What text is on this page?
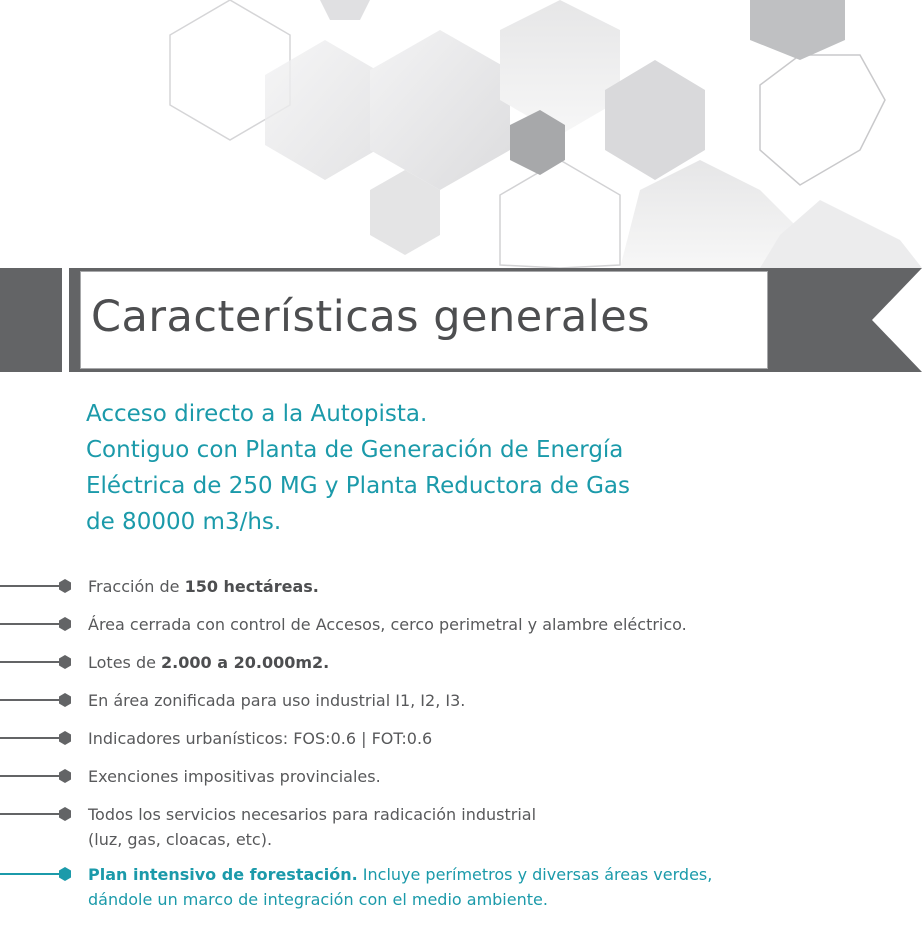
Características generales
Acceso directo a la Autopista.
Contiguo con Planta de Generación de Energía
Eléctrica de 250 MG y Planta Reductora de Gas
de 80000 m3/hs.
Fracción de 150 hectáreas.
Área cerrada con control de Accesos, cerco perimetral y alambre eléctrico.
Lotes de 2.000 a 20.000m2.
En área zonificada para uso industrial I1, I2, I3.
Indicadores urbanísticos: FOS:0.6 | FOT:0.6
Exenciones impositivas provinciales.
Todos los servicios necesarios para radicación industrial
(luz, gas, cloacas, etc).
Plan intensivo de forestación. Incluye perímetros y diversas áreas verdes,
dándole un marco de integración con el medio ambiente.
